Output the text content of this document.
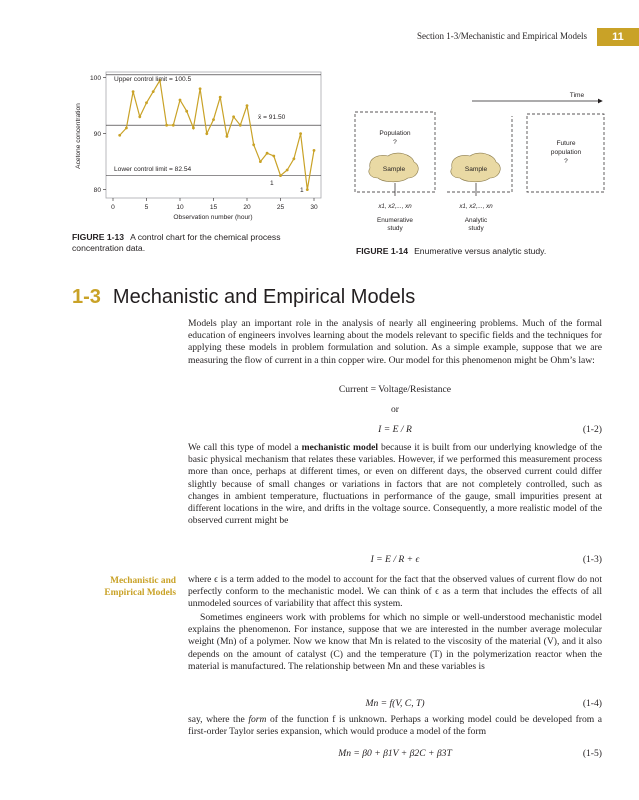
Section 1-3/Mechanistic and Empirical Models	11
0	5	10	15	20	25	30
80
90
100 Upper control limit = 100.5
Lower control limit = 82.54
x̄ = 91.50
1
1
Acetone concentration
Observation number (hour)
FIGURE 1-13 A control chart for the chemical process concentration data.
Time
Population
?
Sample
x1, x2,..., xn
Enumerative
study
Sample
x1, x2,..., xn
Analytic
study
Future
population
?
FIGURE 1-14 Enumerative versus analytic study.
1-3 Mechanistic and Empirical Models

Models play an important role in the analysis of nearly all engineering problems. Much of the formal education of engineers involves learning about the models relevant to specific fields and the techniques for applying these models in problem formulation and solution. As a simple example, suppose that we are measuring the flow of current in a thin copper wire. Our model for this phenomenon might be Ohm’s law:

Current = Voltage/Resistance
or
I = E / R	(1-2)

We call this type of model a mechanistic model because it is built from our underlying knowledge of the basic physical mechanism that relates these variables. However, if we performed this measurement process more than once, perhaps at different times, or even on different days, the observed current could differ slightly because of small changes or variations in factors that are not completely controlled, such as changes in ambient temperature, fluctuations in performance of the gauge, small impurities present at different locations in the wire, and drifts in the voltage source. Consequently, a more realistic model of the observed current might be

I = E / R + ϵ	(1-3)
Mechanistic and
Empirical Models

where ϵ is a term added to the model to account for the fact that the observed values of current flow do not perfectly conform to the mechanistic model. We can think of ϵ as a term that includes the effects of all unmodeled sources of variability that affect this system.

Sometimes engineers work with problems for which no simple or well-understood mechanistic model explains the phenomenon. For instance, suppose that we are interested in the number average molecular weight (Mn) of a polymer. Now we know that Mn is related to the viscosity of the material (V), and it also depends on the amount of catalyst (C) and the temperature (T) in the polymerization reactor when the material is manufactured. The relationship between Mn and these variables is

Mn = f(V, C, T)	(1-4)

say, where the form of the function f is unknown. Perhaps a working model could be developed from a first-order Taylor series expansion, which would produce a model of the form

Mn = β0 + β1V + β2C + β3T	(1-5)
